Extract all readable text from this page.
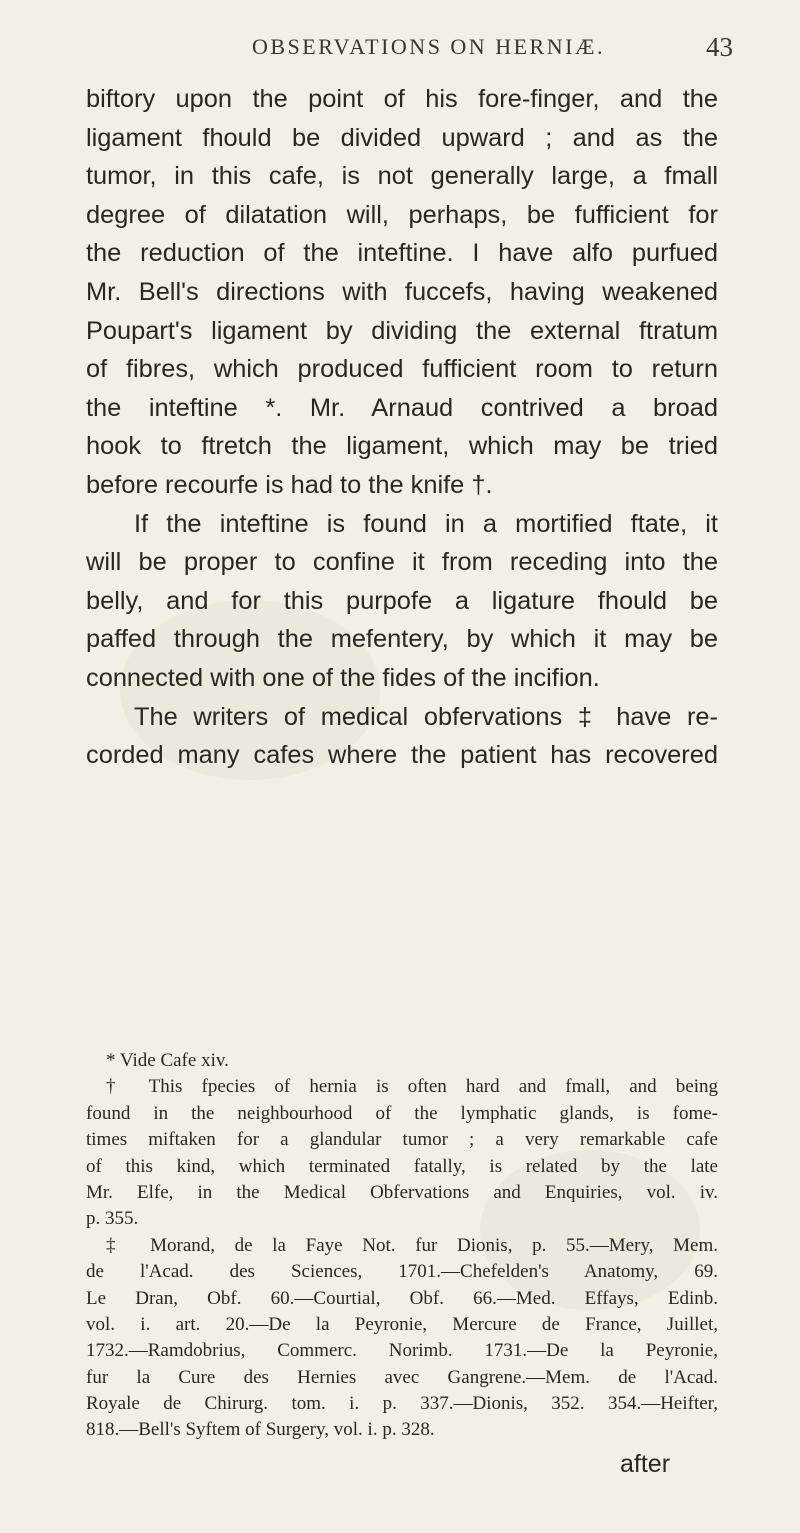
OBSERVATIONS ON HERNIÆ.	43
biftory upon the point of his fore-finger, and the
ligament fhould be divided upward ; and as the
tumor, in this cafe, is not generally large, a fmall
degree of dilatation will, perhaps, be fufficient for
the reduction of the inteftine. I have alfo purfued
Mr. Bell's directions with fuccefs, having weakened
Poupart's ligament by dividing the external ftratum
of fibres, which produced fufficient room to return
the inteftine *. Mr. Arnaud contrived a broad
hook to ftretch the ligament, which may be tried
before recourfe is had to the knife †.
If the inteftine is found in a mortified ftate, it
will be proper to confine it from receding into the
belly, and for this purpofe a ligature fhould be
paffed through the mefentery, by which it may be
connected with one of the fides of the incifion.
The writers of medical obfervations ‡ have re-
corded many cafes where the patient has recovered
* Vide Cafe xiv.
† This fpecies of hernia is often hard and fmall, and being
found in the neighbourhood of the lymphatic glands, is fome-
times miftaken for a glandular tumor ; a very remarkable cafe
of this kind, which terminated fatally, is related by the late
Mr. Elfe, in the Medical Obfervations and Enquiries, vol. iv.
p. 355.
‡ Morand, de la Faye Not. fur Dionis, p. 55.—Mery, Mem.
de l'Acad. des Sciences, 1701.—Chefelden's Anatomy, 69.
Le Dran, Obf. 60.—Courtial, Obf. 66.—Med. Effays, Edinb.
vol. i. art. 20.—De la Peyronie, Mercure de France, Juillet,
1732.—Ramdobrius, Commerc. Norimb. 1731.—De la Peyronie,
fur la Cure des Hernies avec Gangrene.—Mem. de l'Acad.
Royale de Chirurg. tom. i. p. 337.—Dionis, 352. 354.—Heifter,
818.—Bell's Syftem of Surgery, vol. i. p. 328.
after
